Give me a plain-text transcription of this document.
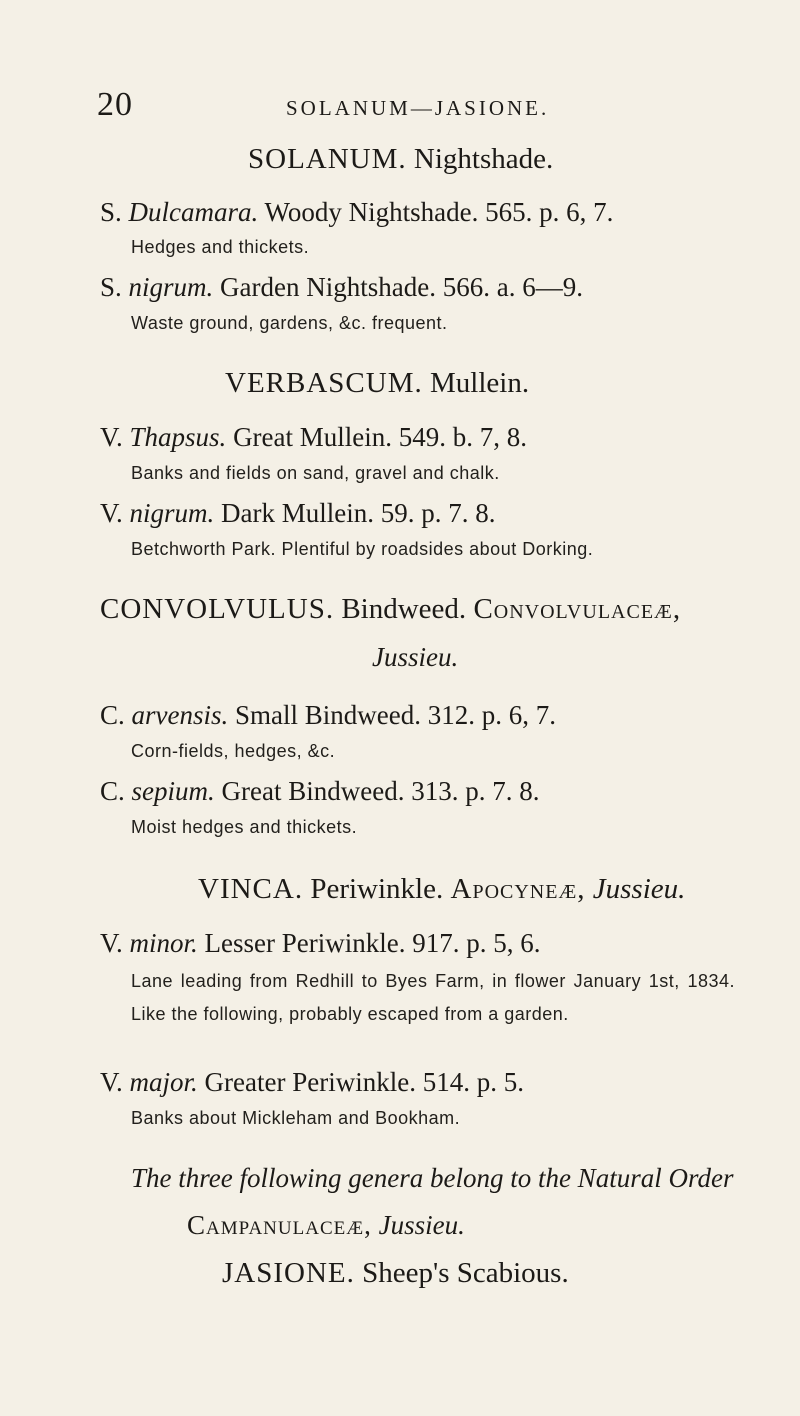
20	SOLANUM—JASIONE.
SOLANUM. Nightshade.
S. Dulcamara. Woody Nightshade. 565. p. 6, 7.
Hedges and thickets.
S. nigrum. Garden Nightshade. 566. a. 6—9.
Waste ground, gardens, &c. frequent.
VERBASCUM. Mullein.
V. Thapsus. Great Mullein. 549. b. 7, 8.
Banks and fields on sand, gravel and chalk.
V. nigrum. Dark Mullein. 59. p. 7. 8.
Betchworth Park. Plentiful by roadsides about Dorking.
CONVOLVULUS. Bindweed. Convolvulaceæ,
Jussieu.
C. arvensis. Small Bindweed. 312. p. 6, 7.
Corn-fields, hedges, &c.
C. sepium. Great Bindweed. 313. p. 7. 8.
Moist hedges and thickets.
VINCA. Periwinkle. Apocyneæ, Jussieu.
V. minor. Lesser Periwinkle. 917. p. 5, 6.
Lane leading from Redhill to Byes Farm, in flower January 1st, 1834. Like the following, probably escaped from a garden.
V. major. Greater Periwinkle. 514. p. 5.
Banks about Mickleham and Bookham.
The three following genera belong to the Natural Order
Campanulaceæ, Jussieu.
JASIONE. Sheep's Scabious.
